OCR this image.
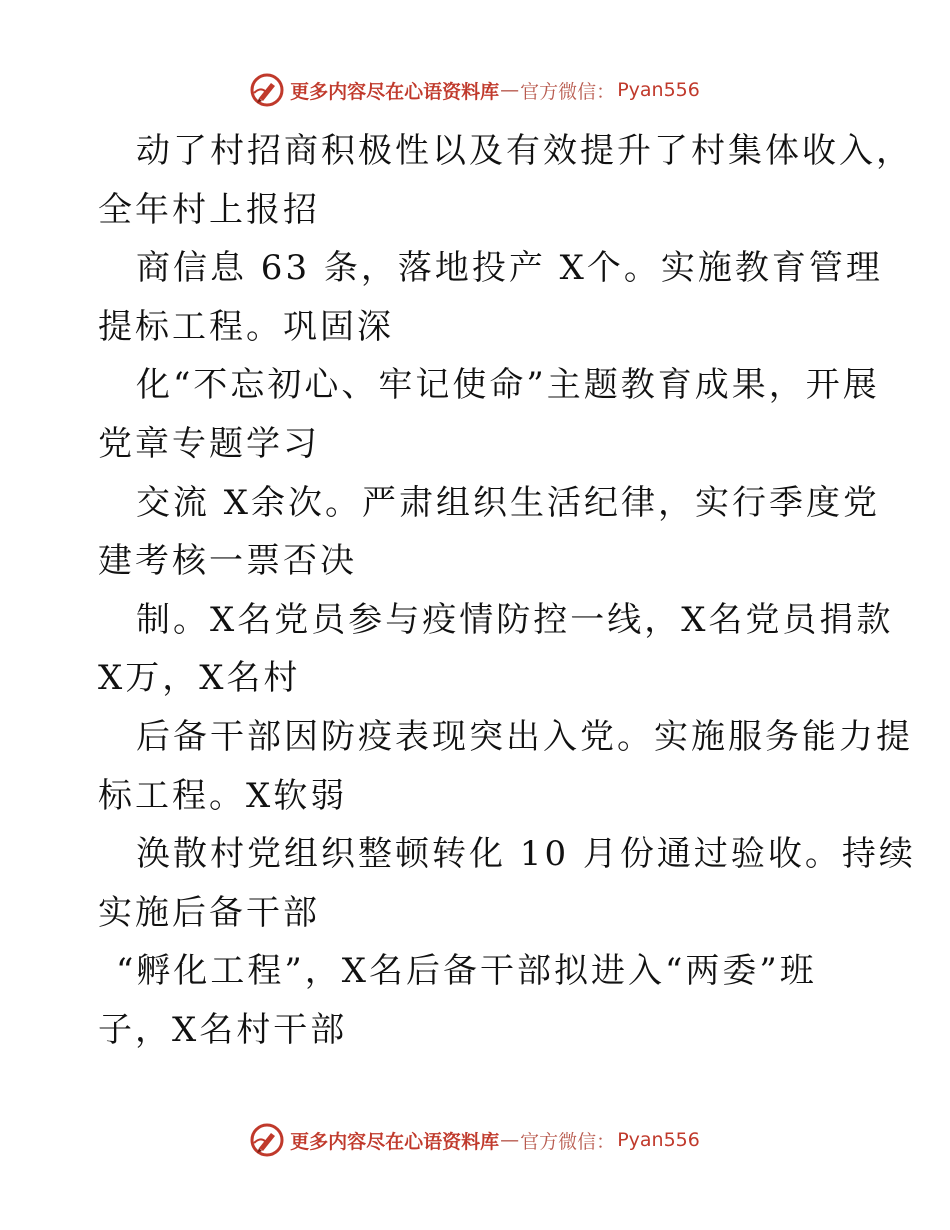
更多内容尽在心语资料库 — 官方微信： Pyan556

动了村招商积极性以及有效提升了村集体收入，

全年村上报招

商信息 63 条，落地投产 X个。实施教育管理

提标工程。巩固深

化“不忘初心、牢记使命”主题教育成果，开展

党章专题学习

交流 X余次。严肃组织生活纪律，实行季度党

建考核一票否决

制。X名党员参与疫情防控一线，X名党员捐款

X万，X名村

后备干部因防疫表现突出入党。实施服务能力提

标工程。X软弱

涣散村党组织整顿转化 10 月份通过验收。持续

实施后备干部

“孵化工程”，X名后备干部拟进入“两委”班

子，X名村干部

更多内容尽在心语资料库 — 官方微信： Pyan556
